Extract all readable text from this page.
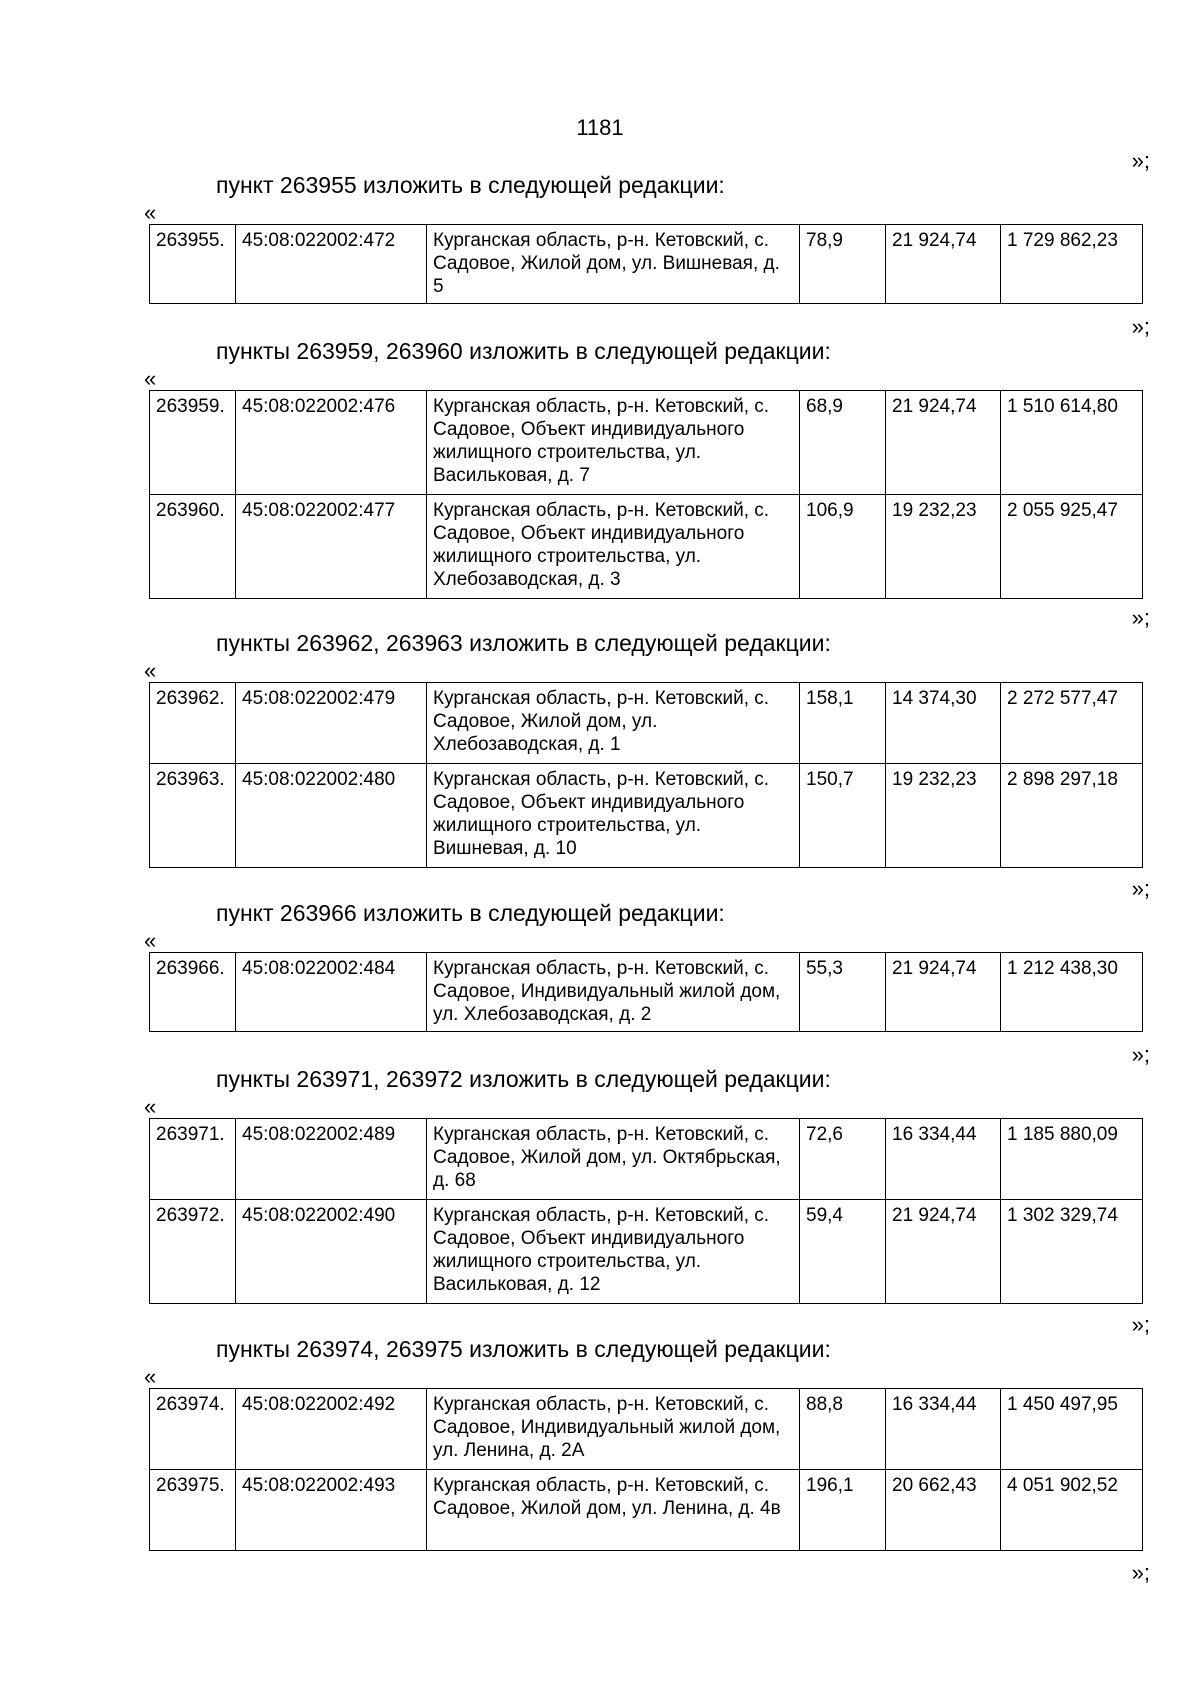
1181
»;
»;
»;
»;
»;
»;
»;
пункт 263955 изложить в следующей редакции:
«
263955.	45:08:022002:472	Курганская область, р-н. Кетовский, с. Садовое, Жилой дом, ул. Вишневая, д. 5	78,9	21 924,74	1 729 862,23
пункты 263959, 263960 изложить в следующей редакции:
«
263959.	45:08:022002:476	Курганская область, р-н. Кетовский, с. Садовое, Объект индивидуального жилищного строительства, ул. Васильковая, д. 7	68,9	21 924,74	1 510 614,80
263960.	45:08:022002:477	Курганская область, р-н. Кетовский, с. Садовое, Объект индивидуального жилищного строительства, ул. Хлебозаводская, д. 3	106,9	19 232,23	2 055 925,47
пункты 263962, 263963 изложить в следующей редакции:
«
263962.	45:08:022002:479	Курганская область, р-н. Кетовский, с. Садовое, Жилой дом, ул. Хлебозаводская, д. 1	158,1	14 374,30	2 272 577,47
263963.	45:08:022002:480	Курганская область, р-н. Кетовский, с. Садовое, Объект индивидуального жилищного строительства, ул. Вишневая, д. 10	150,7	19 232,23	2 898 297,18
пункт 263966 изложить в следующей редакции:
«
263966.	45:08:022002:484	Курганская область, р-н. Кетовский, с. Садовое, Индивидуальный жилой дом, ул. Хлебозаводская, д. 2	55,3	21 924,74	1 212 438,30
пункты 263971, 263972 изложить в следующей редакции:
«
263971.	45:08:022002:489	Курганская область, р-н. Кетовский, с. Садовое, Жилой дом, ул. Октябрьская, д. 68	72,6	16 334,44	1 185 880,09
263972.	45:08:022002:490	Курганская область, р-н. Кетовский, с. Садовое, Объект индивидуального жилищного строительства, ул. Васильковая, д. 12	59,4	21 924,74	1 302 329,74
пункты 263974, 263975 изложить в следующей редакции:
«
263974.	45:08:022002:492	Курганская область, р-н. Кетовский, с. Садовое, Индивидуальный жилой дом, ул. Ленина, д. 2А	88,8	16 334,44	1 450 497,95
263975.	45:08:022002:493	Курганская область, р-н. Кетовский, с. Садовое, Жилой дом, ул. Ленина, д. 4в	196,1	20 662,43	4 051 902,52
